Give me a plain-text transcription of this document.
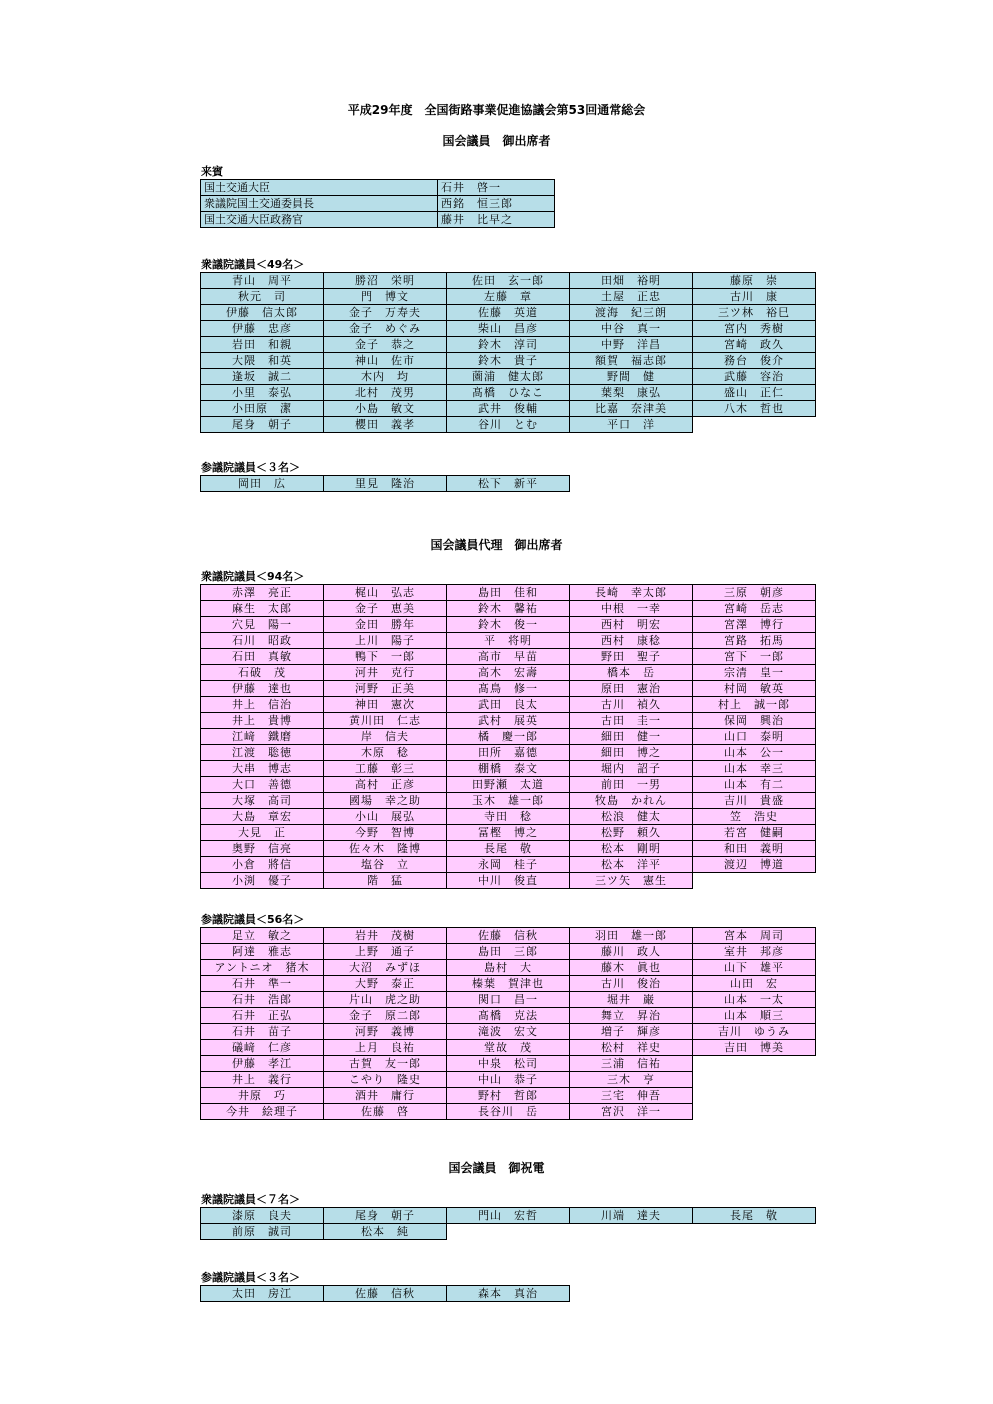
平成29年度　全国街路事業促進協議会第53回通常総会
国会議員　御出席者
来賓
国土交通大臣	石井　啓一
衆議院国土交通委員長	西銘　恒三郎
国土交通大臣政務官	藤井　比早之
衆議院議員＜49名＞
青山　周平	勝沼　栄明	佐田　玄一郎	田畑　裕明	藤原　崇
秋元　司	門　博文	左藤　章	土屋　正忠	古川　康
伊藤　信太郎	金子　万寿夫	佐藤　英道	渡海　紀三朗	三ツ林　裕巳
伊藤　忠彦	金子　めぐみ	柴山　昌彦	中谷　真一	宮内　秀樹
岩田　和親	金子　恭之	鈴木　淳司	中野　洋昌	宮崎　政久
大隈　和英	神山　佐市	鈴木　貴子	額賀　福志郎	務台　俊介
逢坂　誠二	木内　均	薗浦　健太郎	野間　健	武藤　容治
小里　泰弘	北村　茂男	髙橋　ひなこ	葉梨　康弘	盛山　正仁
小田原　潔	小島　敏文	武井　俊輔	比嘉　奈津美	八木　哲也
尾身　朝子	櫻田　義孝	谷川　とむ	平口　洋	
参議院議員＜３名＞
岡田　広	里見　隆治	松下　新平
国会議員代理　御出席者
衆議院議員＜94名＞
赤澤　亮正	梶山　弘志	島田　佳和	長崎　幸太郎	三原　朝彦
麻生　太郎	金子　恵美	鈴木　馨祐	中根　一幸	宮崎　岳志
穴見　陽一	金田　勝年	鈴木　俊一	西村　明宏	宮澤　博行
石川　昭政	上川　陽子	平　将明	西村　康稔	宮路　拓馬
石田　真敏	鴨下　一郎	高市　早苗	野田　聖子	宮下　一郎
石破　茂	河井　克行	高木　宏壽	橋本　岳	宗清　皇一
伊藤　達也	河野　正美	髙鳥　修一	原田　憲治	村岡　敏英
井上　信治	神田　憲次	武田　良太	古川　禎久	村上　誠一郎
井上　貴博	黄川田　仁志	武村　展英	古田　圭一	保岡　興治
江﨑　鐵磨	岸　信夫	橘　慶一郎	細田　健一	山口　泰明
江渡　聡徳	木原　稔	田所　嘉德	細田　博之	山本　公一
大串　博志	工藤　彰三	棚橋　泰文	堀内　詔子	山本　幸三
大口　善德	高村　正彦	田野瀬　太道	前田　一男	山本　有二
大塚　高司	國場　幸之助	玉木　雄一郎	牧島　かれん	吉川　貴盛
大島　章宏	小山　展弘	寺田　稔	松浪　健太	笠　浩史
大見　正	今野　智博	冨樫　博之	松野　頼久	若宮　健嗣
奥野　信亮	佐々木　隆博	長尾　敬	松本　剛明	和田　義明
小倉　將信	塩谷　立	永岡　桂子	松本　洋平	渡辺　博道
小渕　優子	階　猛	中川　俊直	三ツ矢　憲生	
参議院議員＜56名＞
足立　敏之	岩井　茂樹	佐藤　信秋	羽田　雄一郎	宮本　周司
阿達　雅志	上野　通子	島田　三郎	藤川　政人	室井　邦彦
アントニオ　猪木	大沼　みずほ	島村　大	藤木　眞也	山下　雄平
石井　準一	大野　泰正	榛葉　賀津也	古川　俊治	山田　宏
石井　浩郎	片山　虎之助	関口　昌一	堀井　巌	山本　一太
石井　正弘	金子　原二郎	髙橋　克法	舞立　昇治	山本　順三
石井　苗子	河野　義博	滝波　宏文	増子　輝彦	吉川　ゆうみ
礒﨑　仁彦	上月　良祐	堂故　茂	松村　祥史	吉田　博美
伊藤　孝江	古賀　友一郎	中泉　松司	三浦　信祐	
井上　義行	こやり　隆史	中山　恭子	三木　亨	
井原　巧	酒井　庸行	野村　哲郎	三宅　伸吾	
今井　絵理子	佐藤　啓	長谷川　岳	宮沢　洋一	
国会議員　御祝電
衆議院議員＜７名＞
漆原　良夫	尾身　朝子	門山　宏哲	川端　達夫	長尾　敬
前原　誠司	松本　純			
参議院議員＜３名＞
太田　房江	佐藤　信秋	森本　真治
